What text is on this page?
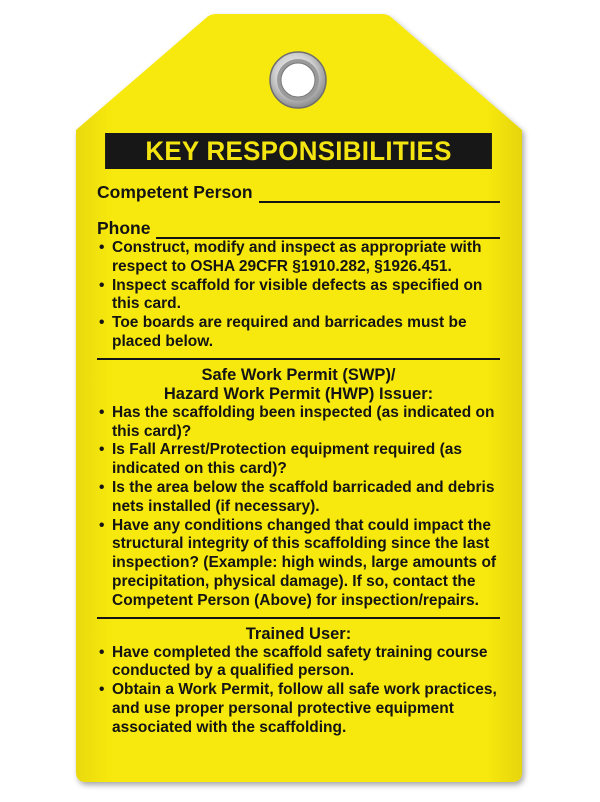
KEY RESPONSIBILITIES
Competent Person
Phone
• Construct, modify and inspect as appropriate with respect to OSHA 29CFR §1910.282, §1926.451.
• Inspect scaffold for visible defects as specified on this card.
• Toe boards are required and barricades must be placed below.
Safe Work Permit (SWP)/
Hazard Work Permit (HWP) Issuer:
• Has the scaffolding been inspected (as indicated on this card)?
• Is Fall Arrest/Protection equipment required (as indicated on this card)?
• Is the area below the scaffold barricaded and debris nets installed (if necessary).
• Have any conditions changed that could impact the structural integrity of this scaffolding since the last inspection? (Example: high winds, large amounts of precipitation, physical damage). If so, contact the Competent Person (Above) for inspection/repairs.
Trained User:
• Have completed the scaffold safety training course conducted by a qualified person.
• Obtain a Work Permit, follow all safe work practices, and use proper personal protective equipment associated with the scaffolding.
